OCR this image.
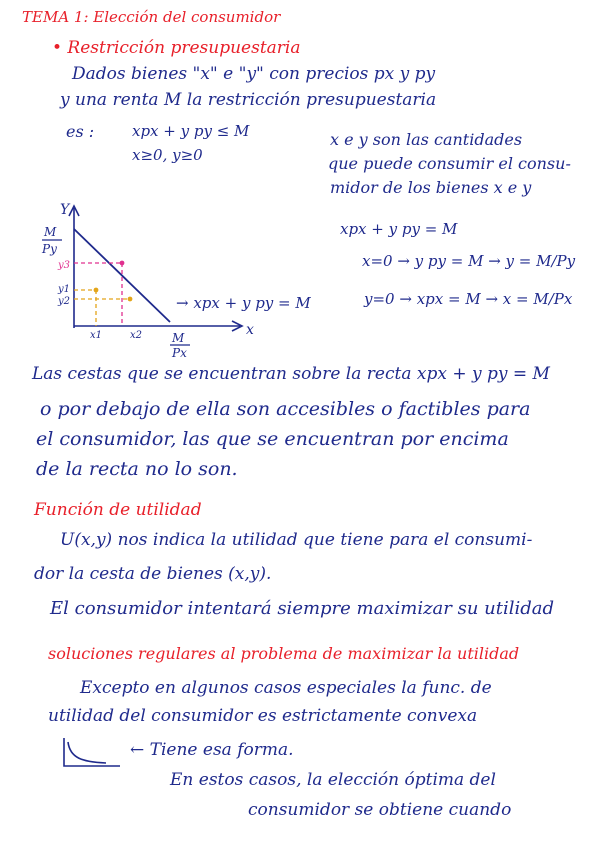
TEMA 1: Elección del consumidor

• Restricción presupuestaria

Dados bienes "x" e "y" con precios px y py

y una renta M la restricción presupuestaria

es :	xpx + y py ≤ M

x≥0, y≥0

x e y son las cantidades

que puede consumir el consu-

midor de los bienes x e y

Y
x
M
Py
M
Px
y3
y1
y2
x1	x2
→ xpx + y py = M

xpx + y py = M

x=0 → y py = M → y = M/Py

y=0 → xpx = M → x = M/Px

Las cestas que se encuentran sobre la recta xpx + y py = M

o por debajo de ella son accesibles o factibles para

el consumidor, las que se encuentran por encima

de la recta no lo son.

Función de utilidad

U(x,y) nos indica la utilidad que tiene para el consumi-

dor la cesta de bienes (x,y).

El consumidor intentará siempre maximizar su utilidad

soluciones regulares al problema de maximizar la utilidad

Excepto en algunos casos especiales la func. de

utilidad del consumidor es estrictamente convexa

← Tiene esa forma.

En estos casos, la elección óptima del

consumidor se obtiene cuando
